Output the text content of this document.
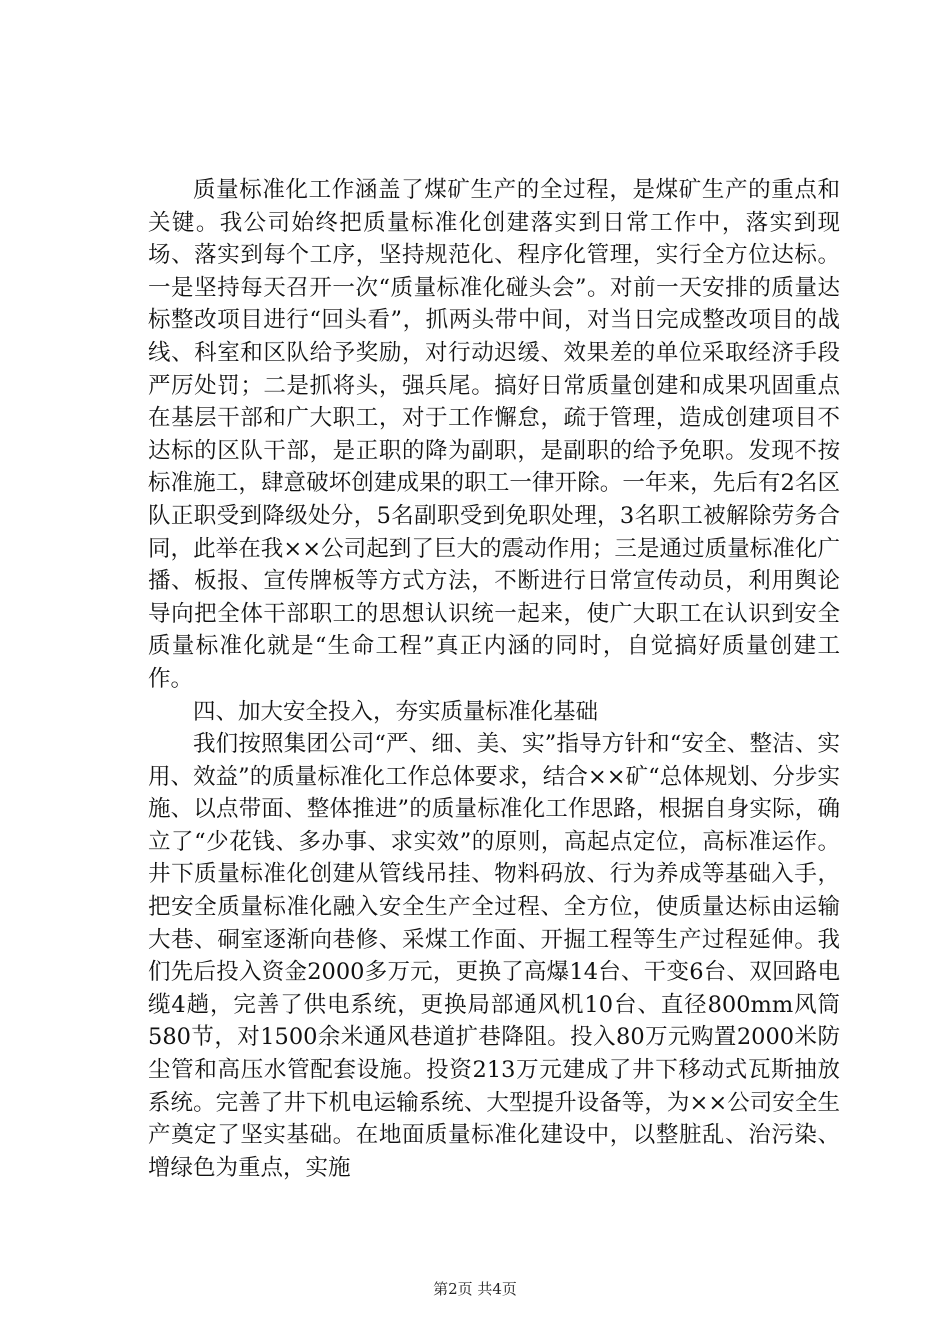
质量标准化工作涵盖了煤矿生产的全过程，是煤矿生产的重点和关键。我公司始终把质量标准化创建落实到日常工作中，落实到现场、落实到每个工序，坚持规范化、程序化管理，实行全方位达标。一是坚持每天召开一次“质量标准化碰头会”。对前一天安排的质量达标整改项目进行“回头看”，抓两头带中间，对当日完成整改项目的战线、科室和区队给予奖励，对行动迟缓、效果差的单位采取经济手段严厉处罚；二是抓将头，强兵尾。搞好日常质量创建和成果巩固重点在基层干部和广大职工，对于工作懈怠，疏于管理，造成创建项目不达标的区队干部，是正职的降为副职，是副职的给予免职。发现不按标准施工，肆意破坏创建成果的职工一律开除。一年来，先后有2名区队正职受到降级处分，5名副职受到免职处理，3名职工被解除劳务合同，此举在我××公司起到了巨大的震动作用；三是通过质量标准化广播、板报、宣传牌板等方式方法，不断进行日常宣传动员，利用舆论导向把全体干部职工的思想认识统一起来，使广大职工在认识到安全质量标准化就是“生命工程”真正内涵的同时，自觉搞好质量创建工作。

四、加大安全投入，夯实质量标准化基础

我们按照集团公司“严、细、美、实”指导方针和“安全、整洁、实用、效益”的质量标准化工作总体要求，结合××矿“总体规划、分步实施、以点带面、整体推进”的质量标准化工作思路，根据自身实际，确立了“少花钱、多办事、求实效”的原则，高起点定位，高标准运作。井下质量标准化创建从管线吊挂、物料码放、行为养成等基础入手，把安全质量标准化融入安全生产全过程、全方位，使质量达标由运输大巷、硐室逐渐向巷修、采煤工作面、开掘工程等生产过程延伸。我们先后投入资金2000多万元，更换了高爆14台、干变6台、双回路电缆4趟，完善了供电系统，更换局部通风机10台、直径800mm风筒580节，对1500余米通风巷道扩巷降阻。投入80万元购置2000米防尘管和高压水管配套设施。投资213万元建成了井下移动式瓦斯抽放系统。完善了井下机电运输系统、大型提升设备等，为××公司安全生产奠定了坚实基础。在地面质量标准化建设中，以整脏乱、治污染、增绿色为重点，实施

第2页 共4页
